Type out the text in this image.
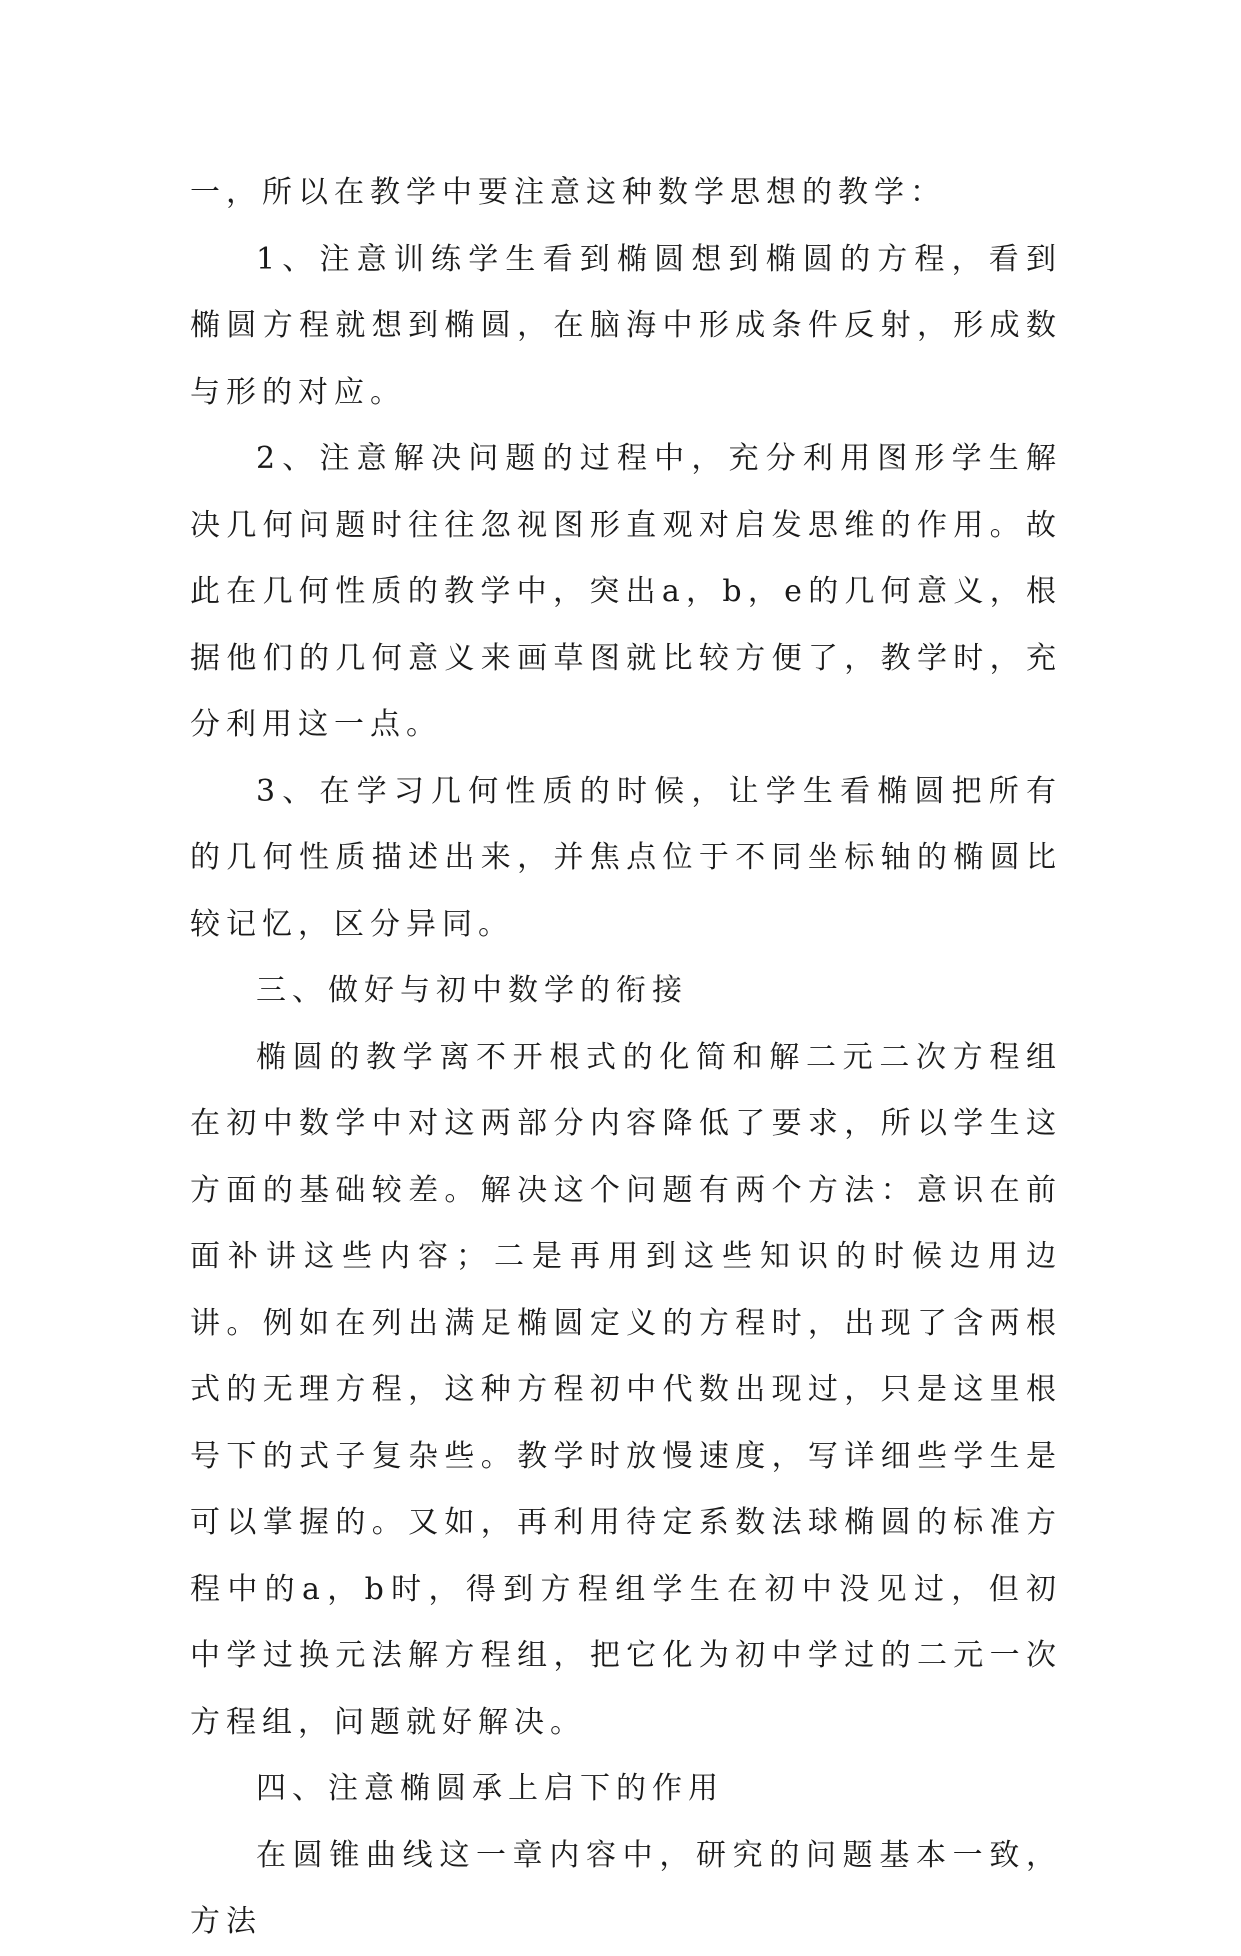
一，所以在教学中要注意这种数学思想的教学：

1、注意训练学生看到椭圆想到椭圆的方程，看到椭圆方程就想到椭圆，在脑海中形成条件反射，形成数与形的对应。

2、注意解决问题的过程中，充分利用图形学生解决几何问题时往往忽视图形直观对启发思维的作用。故此在几何性质的教学中，突出a，b，e的几何意义，根据他们的几何意义来画草图就比较方便了，教学时，充分利用这一点。

3、在学习几何性质的时候，让学生看椭圆把所有的几何性质描述出来，并焦点位于不同坐标轴的椭圆比较记忆，区分异同。

三、做好与初中数学的衔接

椭圆的教学离不开根式的化简和解二元二次方程组在初中数学中对这两部分内容降低了要求，所以学生这方面的基础较差。解决这个问题有两个方法：意识在前面补讲这些内容；二是再用到这些知识的时候边用边讲。例如在列出满足椭圆定义的方程时，出现了含两根式的无理方程，这种方程初中代数出现过，只是这里根号下的式子复杂些。教学时放慢速度，写详细些学生是可以掌握的。又如，再利用待定系数法球椭圆的标准方程中的a，b时，得到方程组学生在初中没见过，但初中学过换元法解方程组，把它化为初中学过的二元一次方程组，问题就好解决。

四、注意椭圆承上启下的作用

在圆锥曲线这一章内容中，研究的问题基本一致，方法
